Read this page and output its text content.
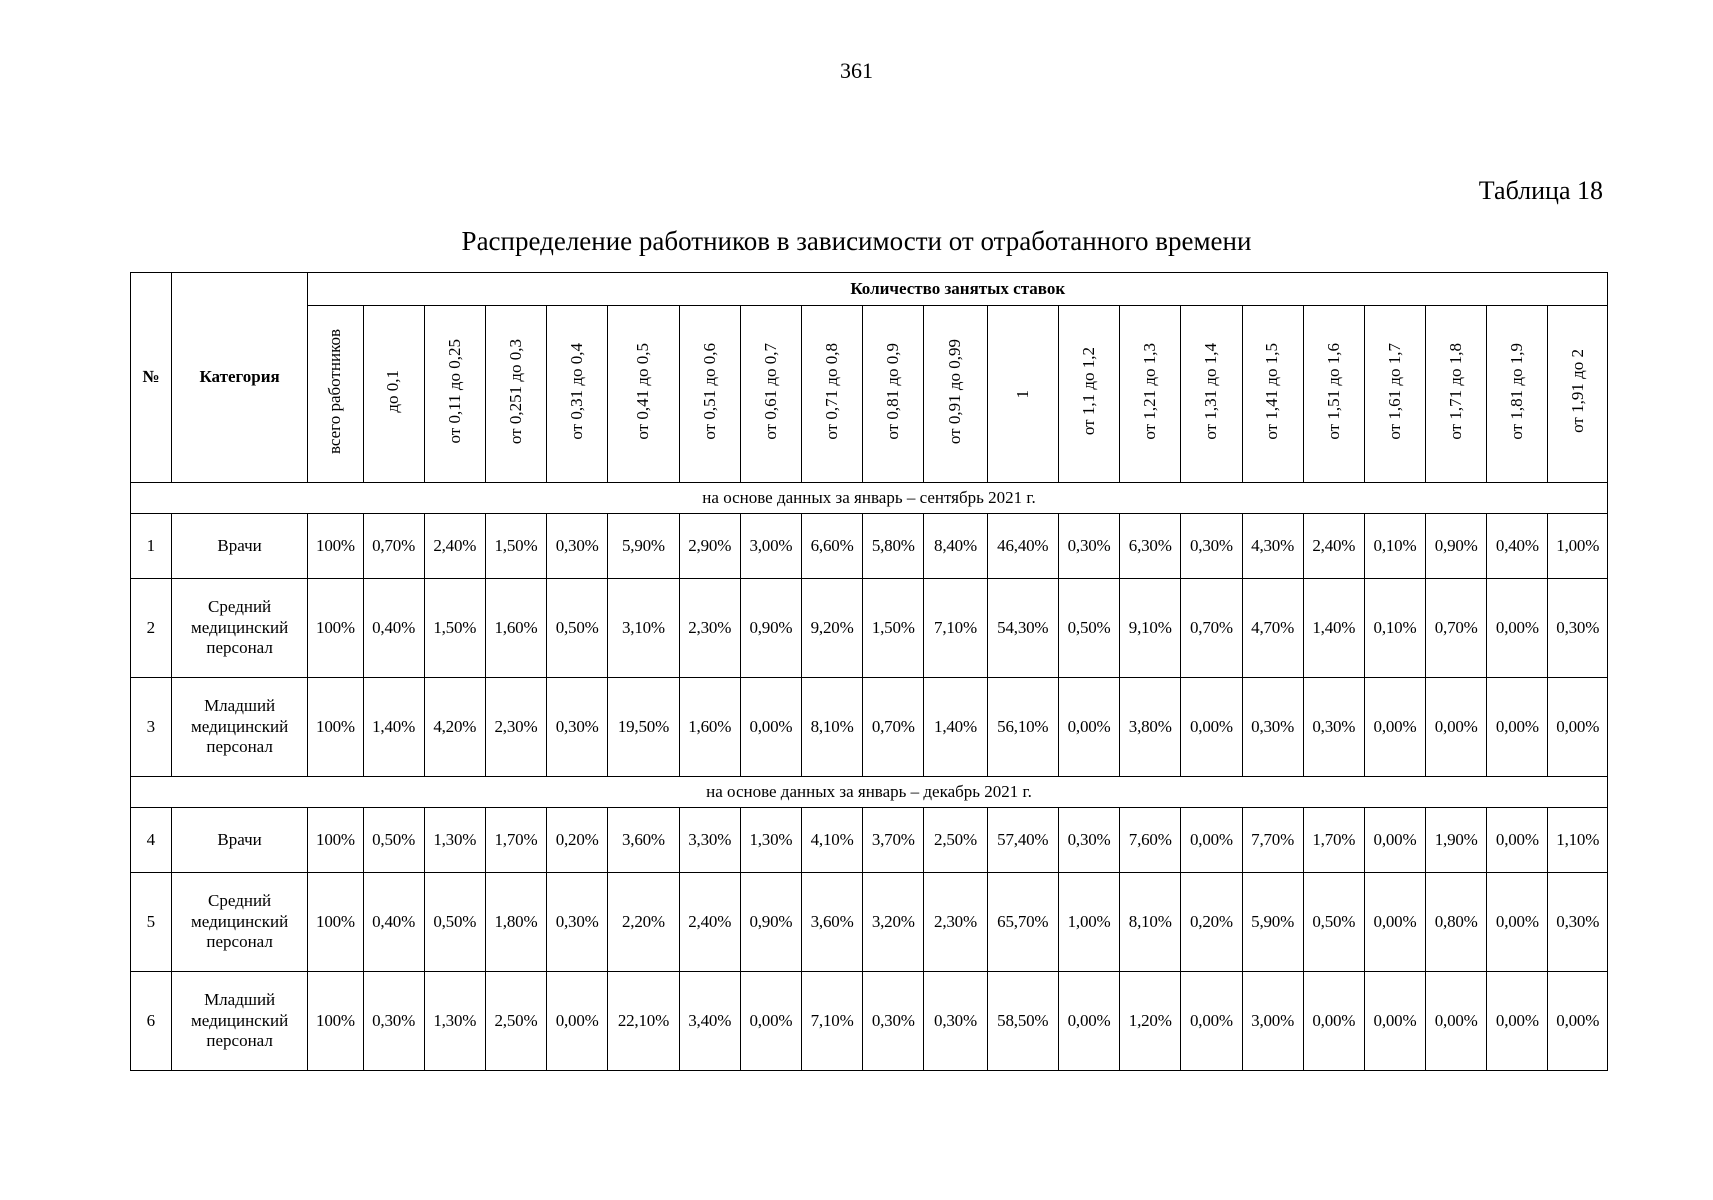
361
Таблица 18
Распределение работников в зависимости от отработанного времени
№	Категория	Количество занятых ставок																				
		всего работников	до 0,1	от 0,11 до 0,25	от 0,251 до 0,3	от 0,31 до 0,4	от 0,41 до 0,5	от 0,51 до 0,6	от 0,61 до 0,7	от 0,71 до 0,8	от 0,81 до 0,9	от 0,91 до 0,99	1	от 1,1 до 1,2	от 1,21 до 1,3	от 1,31 до 1,4	от 1,41 до 1,5	от 1,51 до 1,6	от 1,61 до 1,7	от 1,71 до 1,8	от 1,81 до 1,9	от 1,91 до 2
на основе данных за январь – сентябрь 2021 г.																						
1	Врачи	100%	0,70%	2,40%	1,50%	0,30%	5,90%	2,90%	3,00%	6,60%	5,80%	8,40%	46,40%	0,30%	6,30%	0,30%	4,30%	2,40%	0,10%	0,90%	0,40%	1,00%
2	Средний медицинский персонал	100%	0,40%	1,50%	1,60%	0,50%	3,10%	2,30%	0,90%	9,20%	1,50%	7,10%	54,30%	0,50%	9,10%	0,70%	4,70%	1,40%	0,10%	0,70%	0,00%	0,30%
3	Младший медицинский персонал	100%	1,40%	4,20%	2,30%	0,30%	19,50%	1,60%	0,00%	8,10%	0,70%	1,40%	56,10%	0,00%	3,80%	0,00%	0,30%	0,30%	0,00%	0,00%	0,00%	0,00%
на основе данных за январь – декабрь 2021 г.																						
4	Врачи	100%	0,50%	1,30%	1,70%	0,20%	3,60%	3,30%	1,30%	4,10%	3,70%	2,50%	57,40%	0,30%	7,60%	0,00%	7,70%	1,70%	0,00%	1,90%	0,00%	1,10%
5	Средний медицинский персонал	100%	0,40%	0,50%	1,80%	0,30%	2,20%	2,40%	0,90%	3,60%	3,20%	2,30%	65,70%	1,00%	8,10%	0,20%	5,90%	0,50%	0,00%	0,80%	0,00%	0,30%
6	Младший медицинский персонал	100%	0,30%	1,30%	2,50%	0,00%	22,10%	3,40%	0,00%	7,10%	0,30%	0,30%	58,50%	0,00%	1,20%	0,00%	3,00%	0,00%	0,00%	0,00%	0,00%	0,00%
